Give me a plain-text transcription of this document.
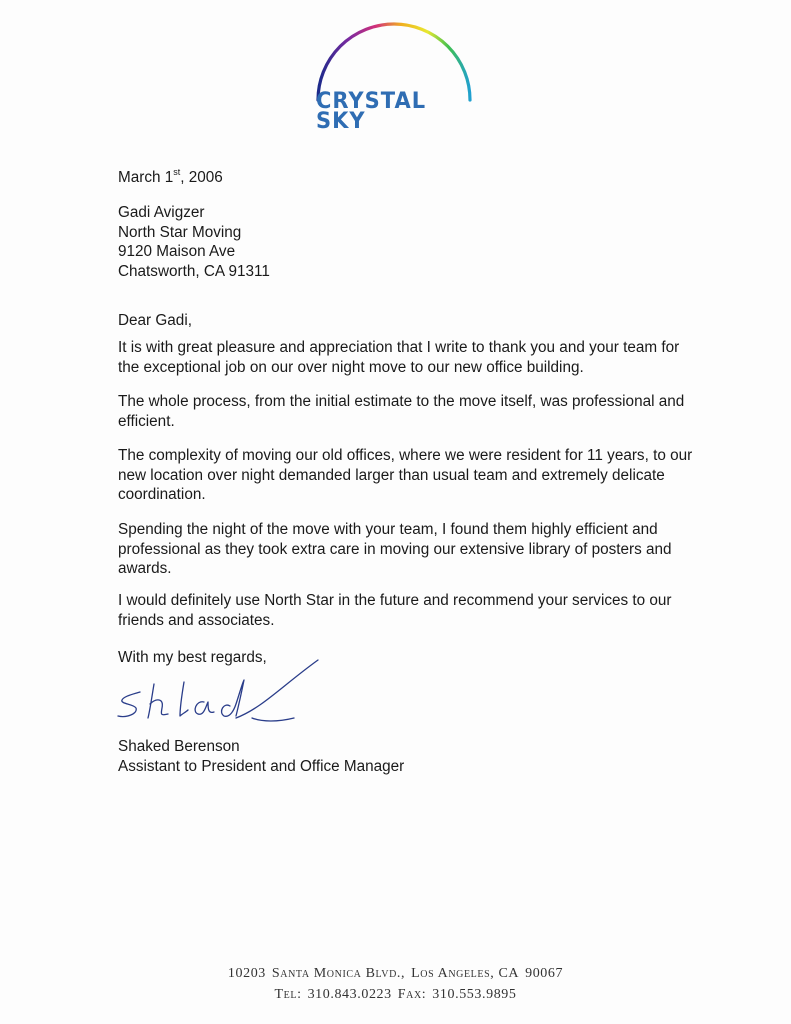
CRYSTAL
SKY
March 1st, 2006

Gadi Avigzer

North Star Moving

9120 Maison Ave

Chatsworth, CA 91311

Dear Gadi,
It is with great pleasure and appreciation that I write to thank you and your team for the exceptional job on our over night move to our new office building.
The whole process, from the initial estimate to the move itself, was professional and efficient.
The complexity of moving our old offices, where we were resident for 11 years, to our new location over night demanded larger than usual team and extremely delicate coordination.
Spending the night of the move with your team, I found them highly efficient and professional as they took extra care in moving our extensive library of posters and awards.
I would definitely use North Star in the future and recommend your services to our friends and associates.
With my best regards,

Shaked Berenson

Assistant to President and Office Manager

10203 Santa Monica Blvd., Los Angeles, CA 90067
Tel: 310.843.0223 Fax: 310.553.9895
